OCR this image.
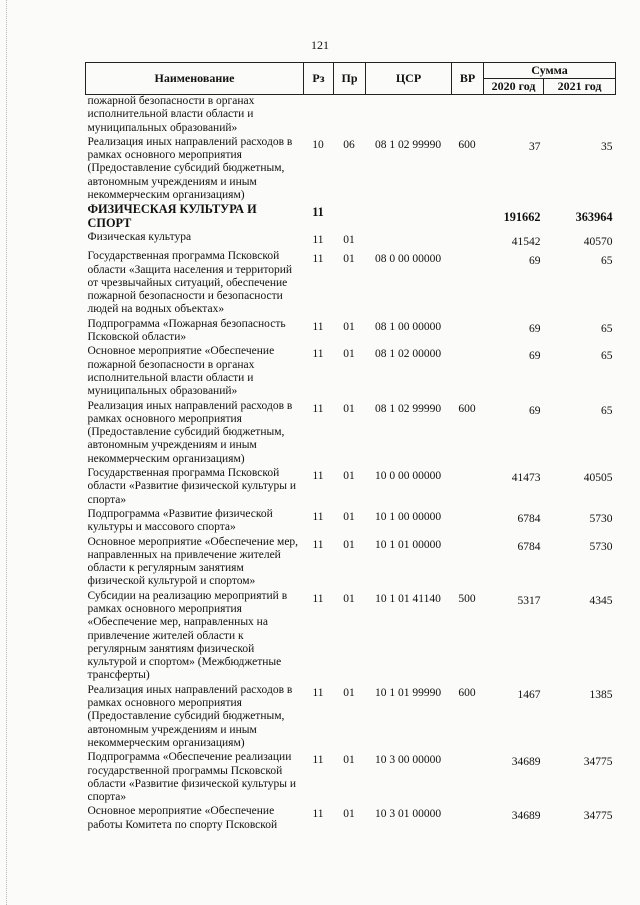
121
Наименование	Рз	Пр	ЦСР	ВР	Сумма	
					2020 год	2021 год
пожарной безопасности в органах исполнительной власти области и муниципальных образований»						
Реализация иных направлений расходов в рамках основного мероприятия (Предоставление субсидий бюджетным, автономным учреждениям и иным некоммерческим организациям)	10	06	08 1 02 99990	600	37	35
ФИЗИЧЕСКАЯ КУЛЬТУРА И СПОРТ	11				191662	363964
Физическая культура	11	01			41542	40570
Государственная программа Псковской области «Защита населения и территорий от чрезвычайных ситуаций, обеспечение пожарной безопасности и безопасности людей на водных объектах»	11	01	08 0 00 00000		69	65
Подпрограмма «Пожарная безопасность Псковской области»	11	01	08 1 00 00000		69	65
Основное мероприятие «Обеспечение пожарной безопасности в органах исполнительной власти области и муниципальных образований»	11	01	08 1 02 00000		69	65
Реализация иных направлений расходов в рамках основного мероприятия (Предоставление субсидий бюджетным, автономным учреждениям и иным некоммерческим организациям)	11	01	08 1 02 99990	600	69	65
Государственная программа Псковской области «Развитие физической культуры и спорта»	11	01	10 0 00 00000		41473	40505
Подпрограмма «Развитие физической культуры и массового спорта»	11	01	10 1 00 00000		6784	5730
Основное мероприятие «Обеспечение мер, направленных на привлечение жителей области к регулярным занятиям физической культурой и спортом»	11	01	10 1 01 00000		6784	5730
Субсидии на реализацию мероприятий в рамках основного мероприятия «Обеспечение мер, направленных на привлечение жителей области к регулярным занятиям физической культурой и спортом» (Межбюджетные трансферты)	11	01	10 1 01 41140	500	5317	4345
Реализация иных направлений расходов в рамках основного мероприятия (Предоставление субсидий бюджетным, автономным учреждениям и иным некоммерческим организациям)	11	01	10 1 01 99990	600	1467	1385
Подпрограмма «Обеспечение реализации государственной программы Псковской области «Развитие физической культуры и спорта»	11	01	10 3 00 00000		34689	34775
Основное мероприятие «Обеспечение работы Комитета по спорту Псковской	11	01	10 3 01 00000		34689	34775
